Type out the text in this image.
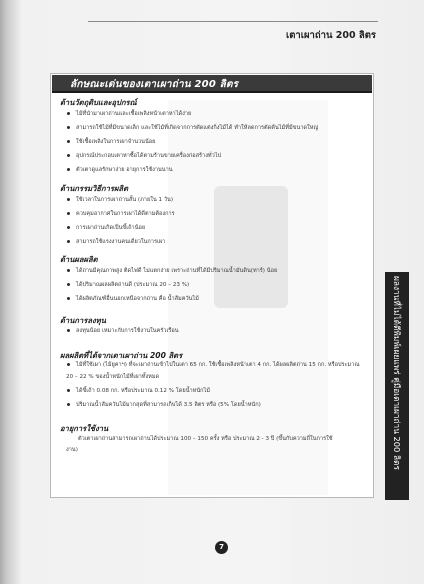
เตาเผาถ่าน 200 ลิตร
ลักษณะเด่นของเตาเผาถ่าน 200 ลิตร
ด้านวัตถุดิบและอุปกรณ์
ไม้ที่นำมาเผาถ่านและเชื้อเพลิงหน้าเตาหาได้ง่าย
สามารถใช้ไม้ที่มีขนาดเล็ก และใช้ไม้ที่เกิดจากการตัดแต่งกิ่งไม้ได้ ทำให้ลดการตัดต้นไม้ที่มีขนาดใหญ่
ใช้เชื้อเพลิงในการเผาจำนวนน้อย
อุปกรณ์ประกอบเตาหาซื้อได้ตามร้านขายเครื่องก่อสร้างทั่วไป
ตัวเตาดูแลรักษาง่าย อายุการใช้งานนาน
ด้านกรรมวิธีการผลิต
ใช้เวลาในการเผาถ่านสั้น (ภายใน 1 วัน)
ควบคุมอากาศในการเผาได้ดีตามต้องการ
การเผาถ่านเกิดเป็นขี้เถ้าน้อย
สามารถใช้แรงงานคนเดียวในการเผา
ด้านผลผลิต
ได้ถ่านมีคุณภาพสูง ติดไฟดี ไม่แตกง่าย เพราะถ่านที่ได้มีปริมาณน้ำมันดิน(ทาร์) น้อย
ได้ปริมาณผลผลิตถ่านดี (ประมาณ 20 – 23 %)
ได้ผลิตภัณฑ์อื่นนอกเหนือจากถ่าน คือ น้ำส้มควันไม้
ด้านการลงทุน
ลงทุนน้อย เหมาะกับการใช้งานในครัวเรือน
ผลผลิตที่ได้จากเตาเผาถ่าน 200 ลิตร
ไม้ที่ใช้เผา (ไม้ยูคาฯ) ที่จะเผาถ่านเข้าไปในเตา 65 กก. ใช้เชื้อเพลิงหน้าเตา 4 กก. ได้ผลผลิตถ่าน 15 กก. หรือประมาณ
20 – 22 % ของน้ำหนักไม้ที่เผาทั้งหมด
ได้ขี้เถ้า 0.08 กก. หรือประมาณ 0.12 % โดยน้ำหนักไม้
ปริมาณน้ำส้มควันไม้มากสุดที่สามารถเก็บได้ 3.5 ลิตร หรือ (5% โดยน้ำหนัก)
อายุการใช้งาน
ตัวเตาเผาถ่านสามารถเผาถ่านได้ประมาณ 100 – 150 ครั้ง หรือ ประมาณ 2 - 3 ปี (ขึ้นกับความถี่ในการใช้
งาน)	ผลงานที่ไม่ได้ตีพิมพ์เผยแพร่ คู่มือเตาเผาถ่าน 200 ลิตร
7
